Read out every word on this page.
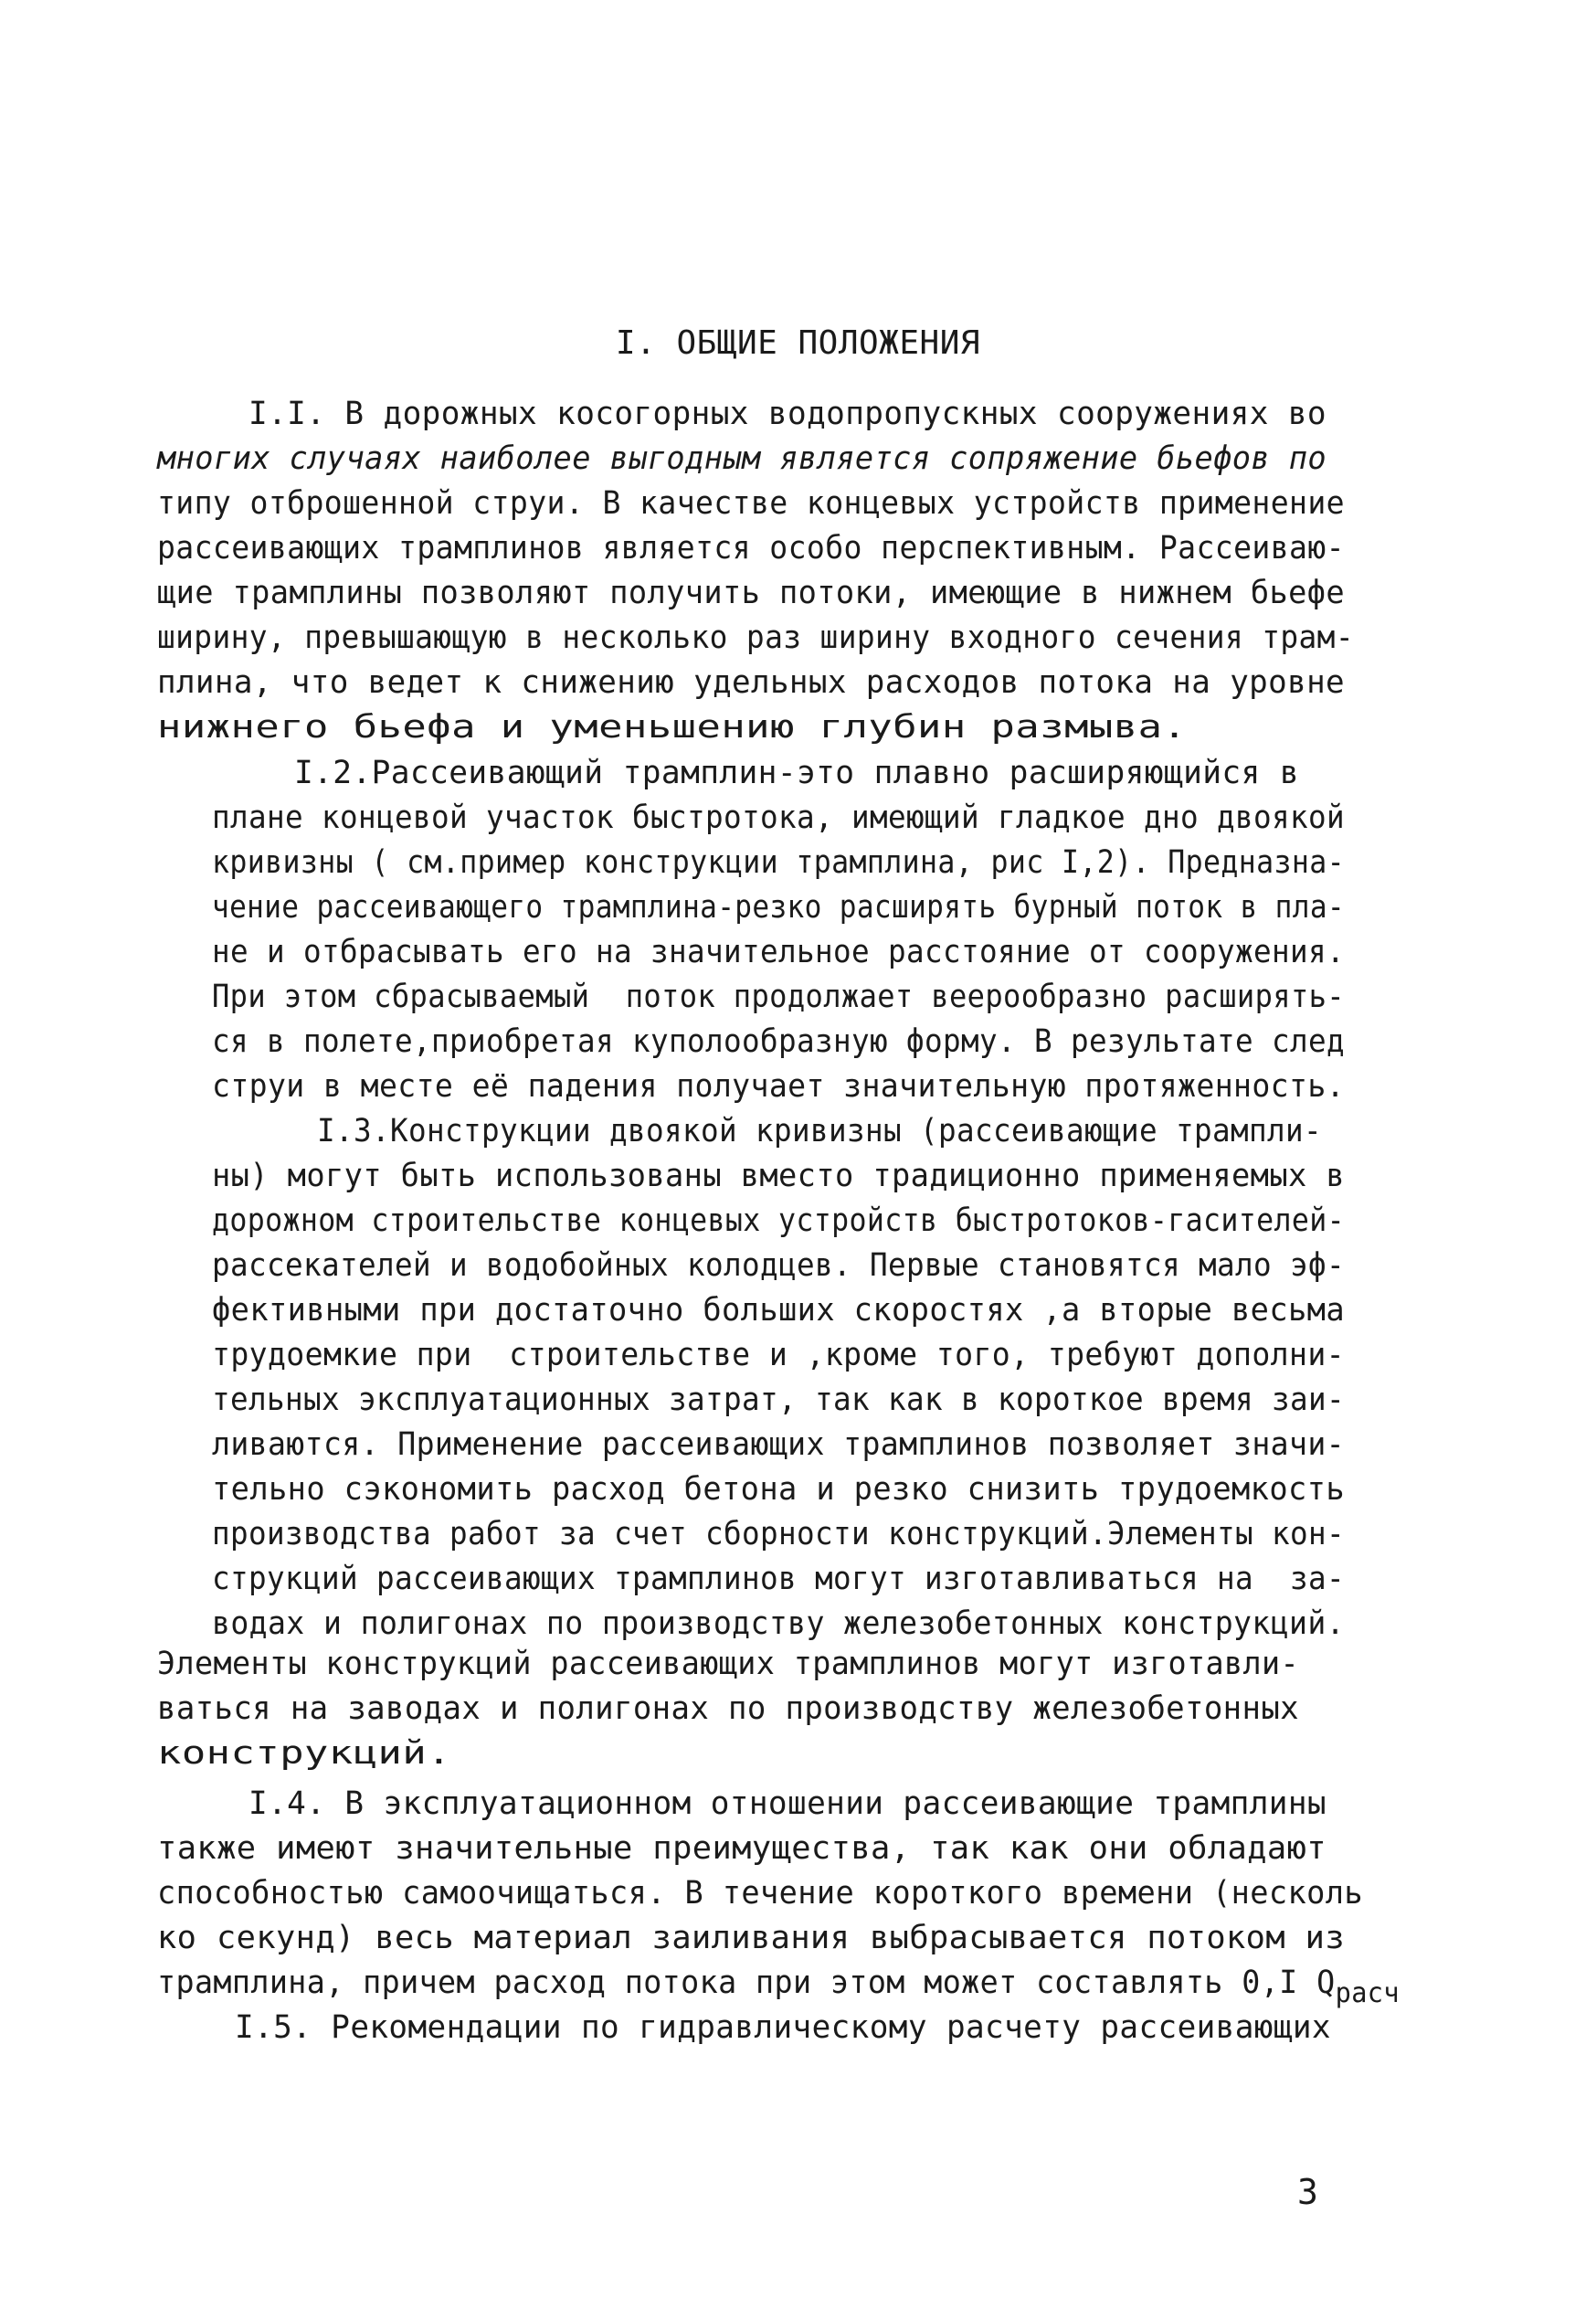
I. ОБЩИЕ ПОЛОЖЕНИЯ
I.I. В дорожных косогорных водопропускных сооружениях во
многих случаях наиболее выгодным является сопряжение бьефов по
типу отброшенной струи. В качестве концевых устройств применение
рассеивающих трамплинов является особо перспективным. Рассеиваю-
щие трамплины позволяют получить потоки, имеющие в нижнем бьефе
ширину, превышающую в несколько раз ширину входного сечения трам-
плина, что ведет к снижению удельных расходов потока на уровне
нижнего бьефа и уменьшению глубин размыва.
I.2.Рассеивающий трамплин-это плавно расширяющийся в
плане концевой участок быстротока, имеющий гладкое дно двоякой
кривизны ( см.пример конструкции трамплина, рис I,2). Предназна-
чение рассеивающего трамплина-резко расширять бурный поток в пла-
не и отбрасывать его на значительное расстояние от сооружения.
При этом сбрасываемый  поток продолжает веерообразно расширять-
ся в полете,приобретая куполообразную форму. В результате след
струи в месте её падения получает значительную протяженность.
I.3.Конструкции двоякой кривизны (рассеивающие трампли-
ны) могут быть использованы вместо традиционно применяемых в
дорожном строительстве концевых устройств быстротоков-гасителей-
рассекателей и водобойных колодцев. Первые становятся мало эф-
фективными при достаточно больших скоростях ,а вторые весьма
трудоемкие при  строительстве и ,кроме того, требуют дополни-
тельных эксплуатационных затрат, так как в короткое время заи-
ливаются. Применение рассеивающих трамплинов позволяет значи-
тельно сэкономить расход бетона и резко снизить трудоемкость
производства работ за счет сборности конструкций.Элементы кон-
струкций рассеивающих трамплинов могут изготавливаться на  за-
водах и полигонах по производству железобетонных конструкций.
Элементы конструкций рассеивающих трамплинов могут изготавли-
ваться на заводах и полигонах по производству железобетонных
конструкций.
I.4. В эксплуатационном отношении рассеивающие трамплины
также имеют значительные преимущества, так как они обладают
способностью самоочищаться. В течение короткого времени (несколь
ко секунд) весь материал заиливания выбрасывается потоком из
трамплина, причем расход потока при этом может составлять 0,I Qрасч
I.5. Рекомендации по гидравлическому расчету рассеивающих
3
